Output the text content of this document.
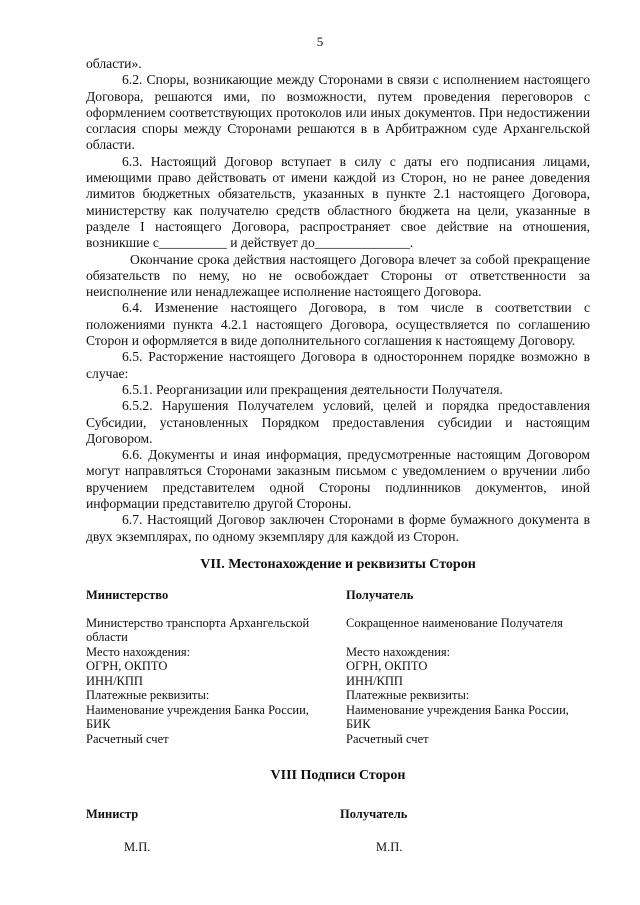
5

области».

6.2. Споры, возникающие между Сторонами в связи с исполнением настоящего Договора, решаются ими, по возможности, путем проведения переговоров с оформлением соответствующих протоколов или иных документов. При недостижении согласия споры между Сторонами решаются в в Арбитражном суде Архангельской области.

6.3. Настоящий Договор вступает в силу с даты его подписания лицами, имеющими право действовать от имени каждой из Сторон, но не ранее доведения лимитов бюджетных обязательств, указанных в пункте 2.1 настоящего Договора, министерству как получателю средств областного бюджета на цели, указанные в разделе I настоящего Договора, распространяет свое действие на отношения, возникшие с__________ и действует до______________.

Окончание срока действия настоящего Договора влечет за собой прекращение обязательств по нему, но не освобождает Стороны от ответственности за неисполнение или ненадлежащее исполнение настоящего Договора.

6.4. Изменение настоящего Договора, в том числе в соответствии с положениями пункта 4.2.1 настоящего Договора, осуществляется по соглашению Сторон и оформляется в виде дополнительного соглашения к настоящему Договору.

6.5. Расторжение настоящего Договора в одностороннем порядке возможно в случае:

6.5.1. Реорганизации или прекращения деятельности Получателя.

6.5.2. Нарушения Получателем условий, целей и порядка предоставления Субсидии, установленных Порядком предоставления субсидии и настоящим Договором.

6.6. Документы и иная информация, предусмотренные настоящим Договором могут направляться Сторонами заказным письмом с уведомлением о вручении либо вручением представителем одной Стороны подлинников документов, иной информации представителю другой Стороны.

6.7. Настоящий Договор заключен Сторонами в форме бумажного документа в двух экземплярах, по одному экземпляру для каждой из Сторон.

VII. Местонахождение и реквизиты Сторон
Министерство
Министерство транспорта Архангельской области
Место нахождения:
ОГРН, ОКПТО
ИНН/КПП
Платежные реквизиты:
Наименование учреждения Банка России,
БИК
Расчетный счет
Получатель
Сокращенное наименование Получателя
Место нахождения:
ОГРН, ОКПТО
ИНН/КПП
Платежные реквизиты:
Наименование учреждения Банка России,
БИК
Расчетный счет
VIII Подписи Сторон
Министр
М.П.
Получатель
М.П.
